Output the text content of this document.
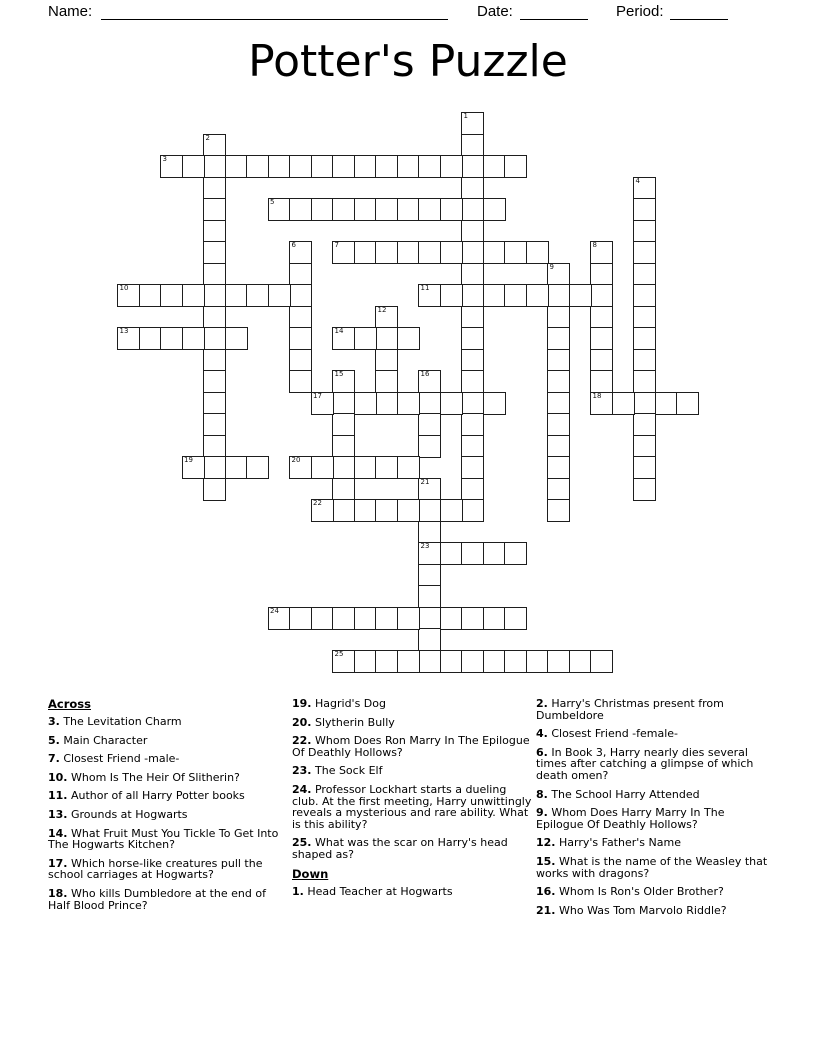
Name:	Date:	Period:
Potter's Puzzle
1
2
3
4
5
6	7	8
18
9
10	11
12
13	14
15	16
17
19	20
21
23
22
24
25
Across
3. The Levitation Charm
5. Main Character
7. Closest Friend -male-
10. Whom Is The Heir Of Slitherin?
11. Author of all Harry Potter books
13. Grounds at Hogwarts
14. What Fruit Must You Tickle To Get Into The Hogwarts Kitchen?
17. Which horse-like creatures pull the school carriages at Hogwarts?
18. Who kills Dumbledore at the end of Half Blood Prince?
19. Hagrid's Dog
20. Slytherin Bully
22. Whom Does Ron Marry In The Epilogue Of Deathly Hollows?
23. The Sock Elf
24. Professor Lockhart starts a dueling club. At the first meeting, Harry unwittingly reveals a mysterious and rare ability. What is this ability?
25. What was the scar on Harry's head shaped as?
Down
1. Head Teacher at Hogwarts
2. Harry's Christmas present from Dumbeldore
4. Closest Friend -female-
6. In Book 3, Harry nearly dies several times after catching a glimpse of which death omen?
8. The School Harry Attended
9. Whom Does Harry Marry In The Epilogue Of Deathly Hollows?
12. Harry's Father's Name
15. What is the name of the Weasley that works with dragons?
16. Whom Is Ron's Older Brother?
21. Who Was Tom Marvolo Riddle?
